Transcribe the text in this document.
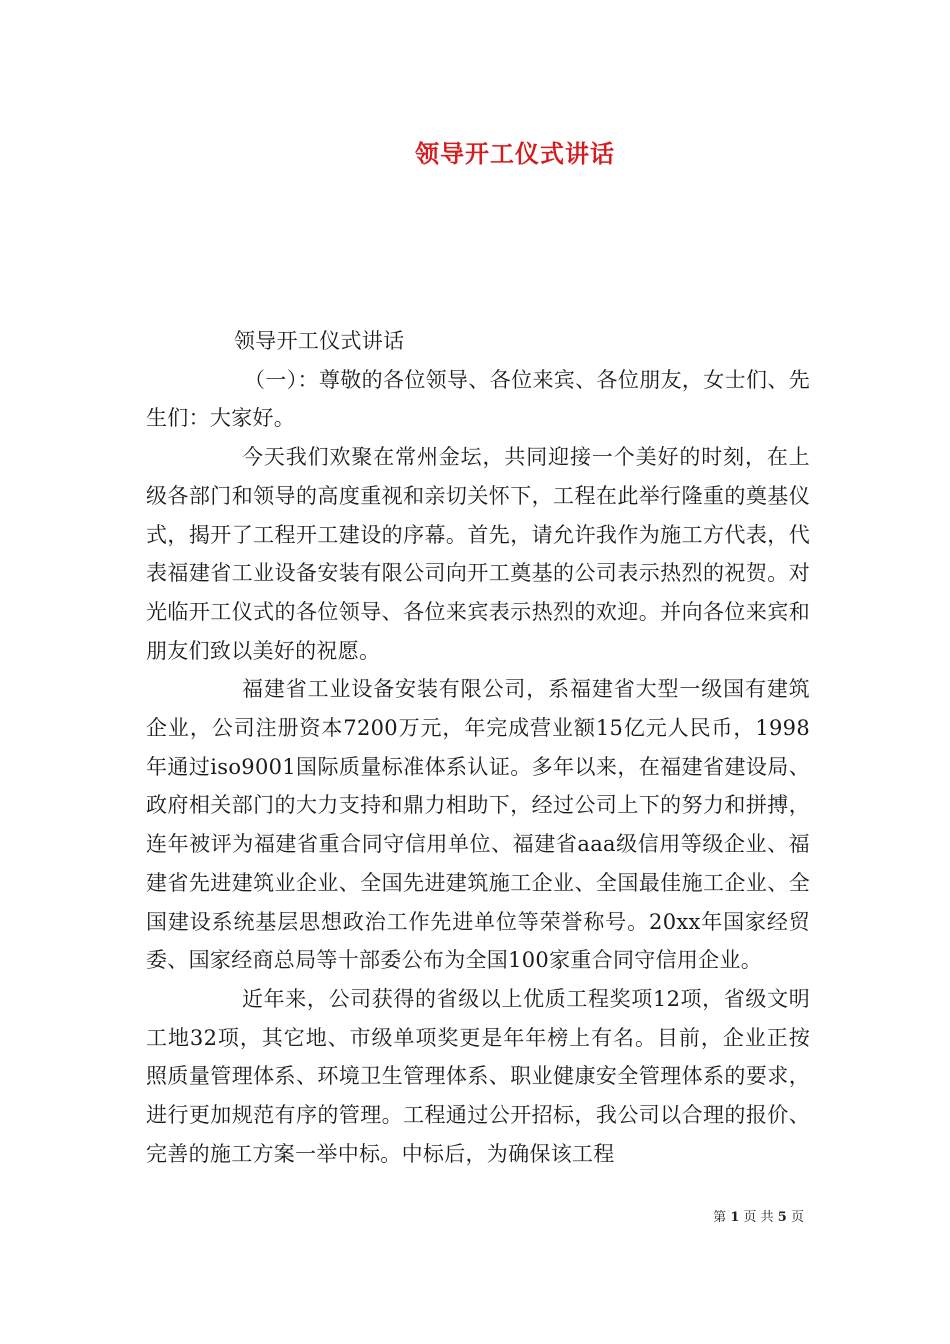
领导开工仪式讲话

领导开工仪式讲话

（一）：尊敬的各位领导、各位来宾、各位朋友，女士们、先生们：大家好。

今天我们欢聚在常州金坛，共同迎接一个美好的时刻，在上级各部门和领导的高度重视和亲切关怀下，工程在此举行隆重的奠基仪式，揭开了工程开工建设的序幕。首先，请允许我作为施工方代表，代表福建省工业设备安装有限公司向开工奠基的公司表示热烈的祝贺。对光临开工仪式的各位领导、各位来宾表示热烈的欢迎。并向各位来宾和朋友们致以美好的祝愿。

福建省工业设备安装有限公司，系福建省大型一级国有建筑企业，公司注册资本7200万元，年完成营业额15亿元人民币，1998年通过iso9001国际质量标准体系认证。多年以来，在福建省建设局、政府相关部门的大力支持和鼎力相助下，经过公司上下的努力和拼搏，连年被评为福建省重合同守信用单位、福建省aaa级信用等级企业、福建省先进建筑业企业、全国先进建筑施工企业、全国最佳施工企业、全国建设系统基层思想政治工作先进单位等荣誉称号。20xx年国家经贸委、国家经商总局等十部委公布为全国100家重合同守信用企业。

近年来，公司获得的省级以上优质工程奖项12项，省级文明工地32项，其它地、市级单项奖更是年年榜上有名。目前，企业正按照质量管理体系、环境卫生管理体系、职业健康安全管理体系的要求，进行更加规范有序的管理。工程通过公开招标，我公司以合理的报价、完善的施工方案一举中标。中标后，为确保该工程

第 1 页 共 5 页
